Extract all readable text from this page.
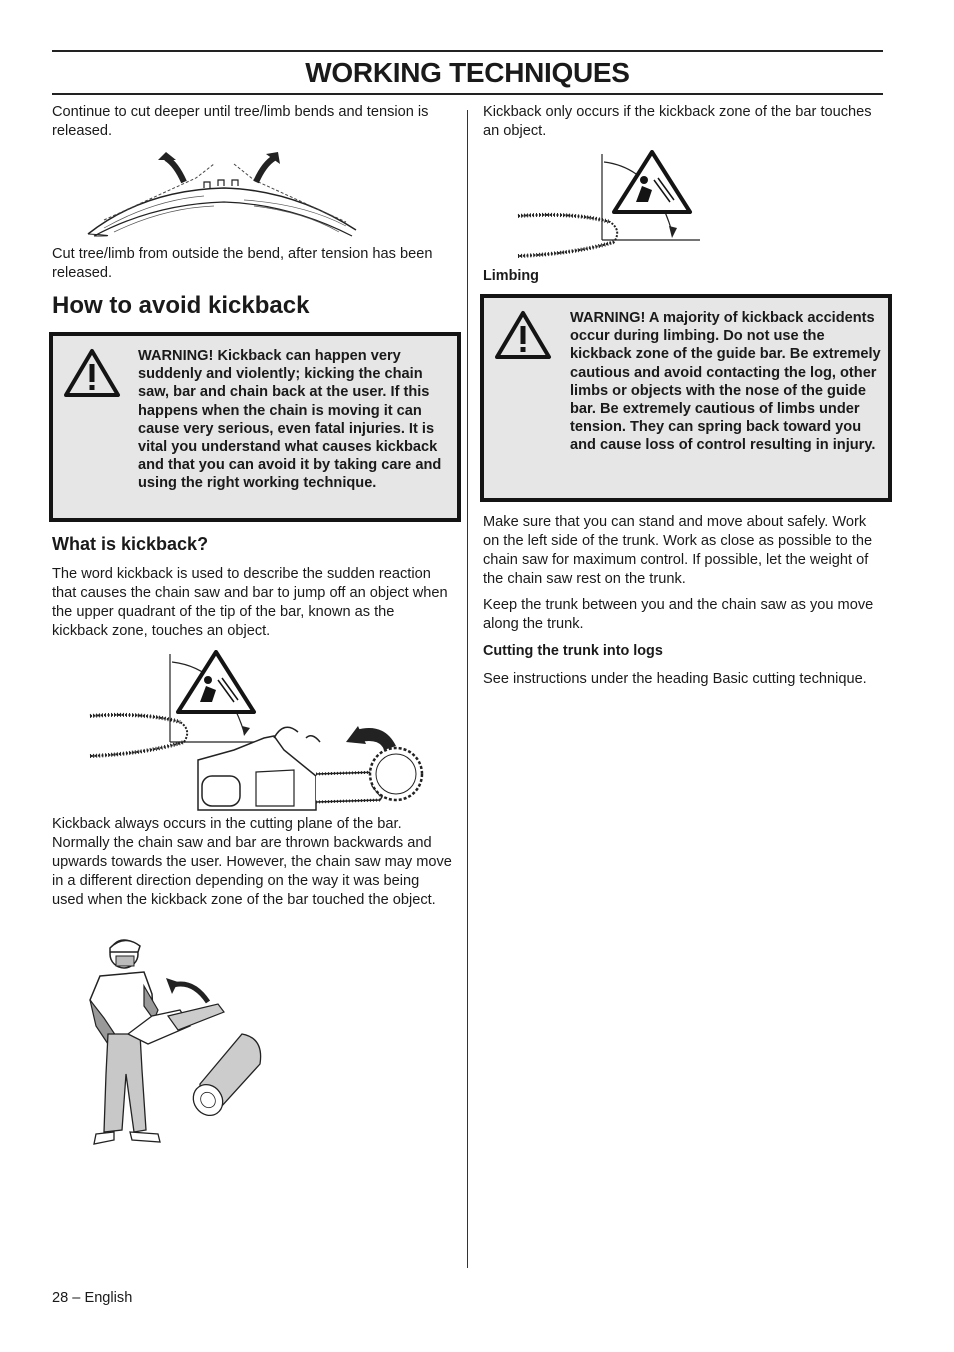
WORKING TECHNIQUES

Continue to cut deeper until tree/limb bends and tension is released.

Cut tree/limb from outside the bend, after tension has been released.

How to avoid kickback

WARNING! Kickback can happen very suddenly and violently; kicking the chain saw, bar and chain back at the user. If this happens when the chain is moving it can cause very serious, even fatal injuries. It is vital you understand what causes kickback and that you can avoid it by taking care and using the right working technique.

What is kickback?

The word kickback is used to describe the sudden reaction that causes the chain saw and bar to jump off an object when the upper quadrant of the tip of the bar, known as the kickback zone, touches an object.

Kickback always occurs in the cutting plane of the bar. Normally the chain saw and bar are thrown backwards and upwards towards the user. However, the chain saw may move in a different direction depending on the way it was being used when the kickback zone of the bar touched the object.

Kickback only occurs if the kickback zone of the bar touches an object.

Limbing

WARNING! A majority of kickback accidents occur during limbing. Do not use the kickback zone of the guide bar. Be extremely cautious and avoid contacting the log, other limbs or objects with the nose of the guide bar. Be extremely cautious of limbs under tension. They can spring back toward you and cause loss of control resulting in injury.

Make sure that you can stand and move about safely. Work on the left side of the trunk. Work as close as possible to the chain saw for maximum control. If possible, let the weight of the chain saw rest on the trunk.

Keep the trunk between you and the chain saw as you move along the trunk.

Cutting the trunk into logs

See instructions under the heading Basic cutting technique.

28 – English
